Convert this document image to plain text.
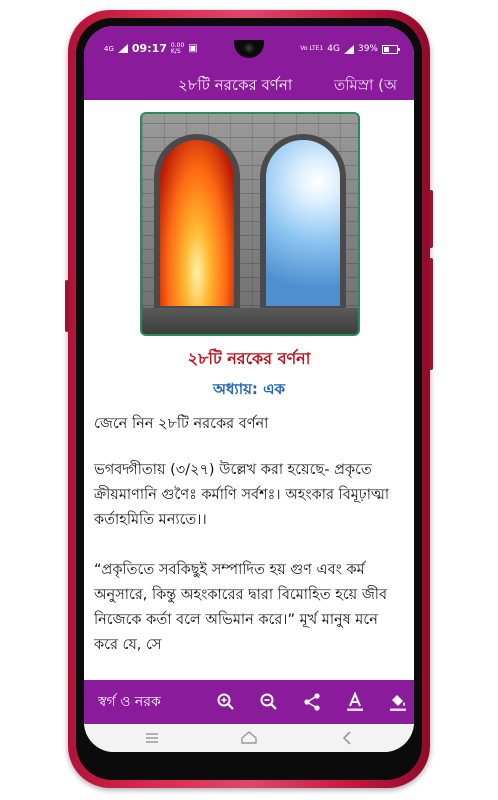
4G 09:17 0.00
K/S ▣	Vo LTE1 4G 39%
২৮টি নরকের বর্ণনা	তমিস্রা (অ
২৮টি নরকের বর্ণনা
অধ্যায়: এক
জেনে নিন ২৮টি নরকের বর্ণনা
ভগবদ্গীতায় (৩/২৭) উল্লেখ করা হয়েছে- প্রকৃতে ক্রীয়মাণানি গুণৈঃ কর্মাণি সর্বশঃ। অহংকার বিমূঢ়াত্মা কর্তাহমিতি মন্যতে।।
“প্রকৃতিতে সবকিছুই সম্পাদিত হয় গুণ এবং কর্ম অনুসারে, কিন্তু অহংকারের দ্বারা বিমোহিত হয়ে জীব নিজেকে কর্তা বলে অভিমান করে।” মূর্খ মানুষ মনে করে যে, সে
স্বর্গ ও নরক
